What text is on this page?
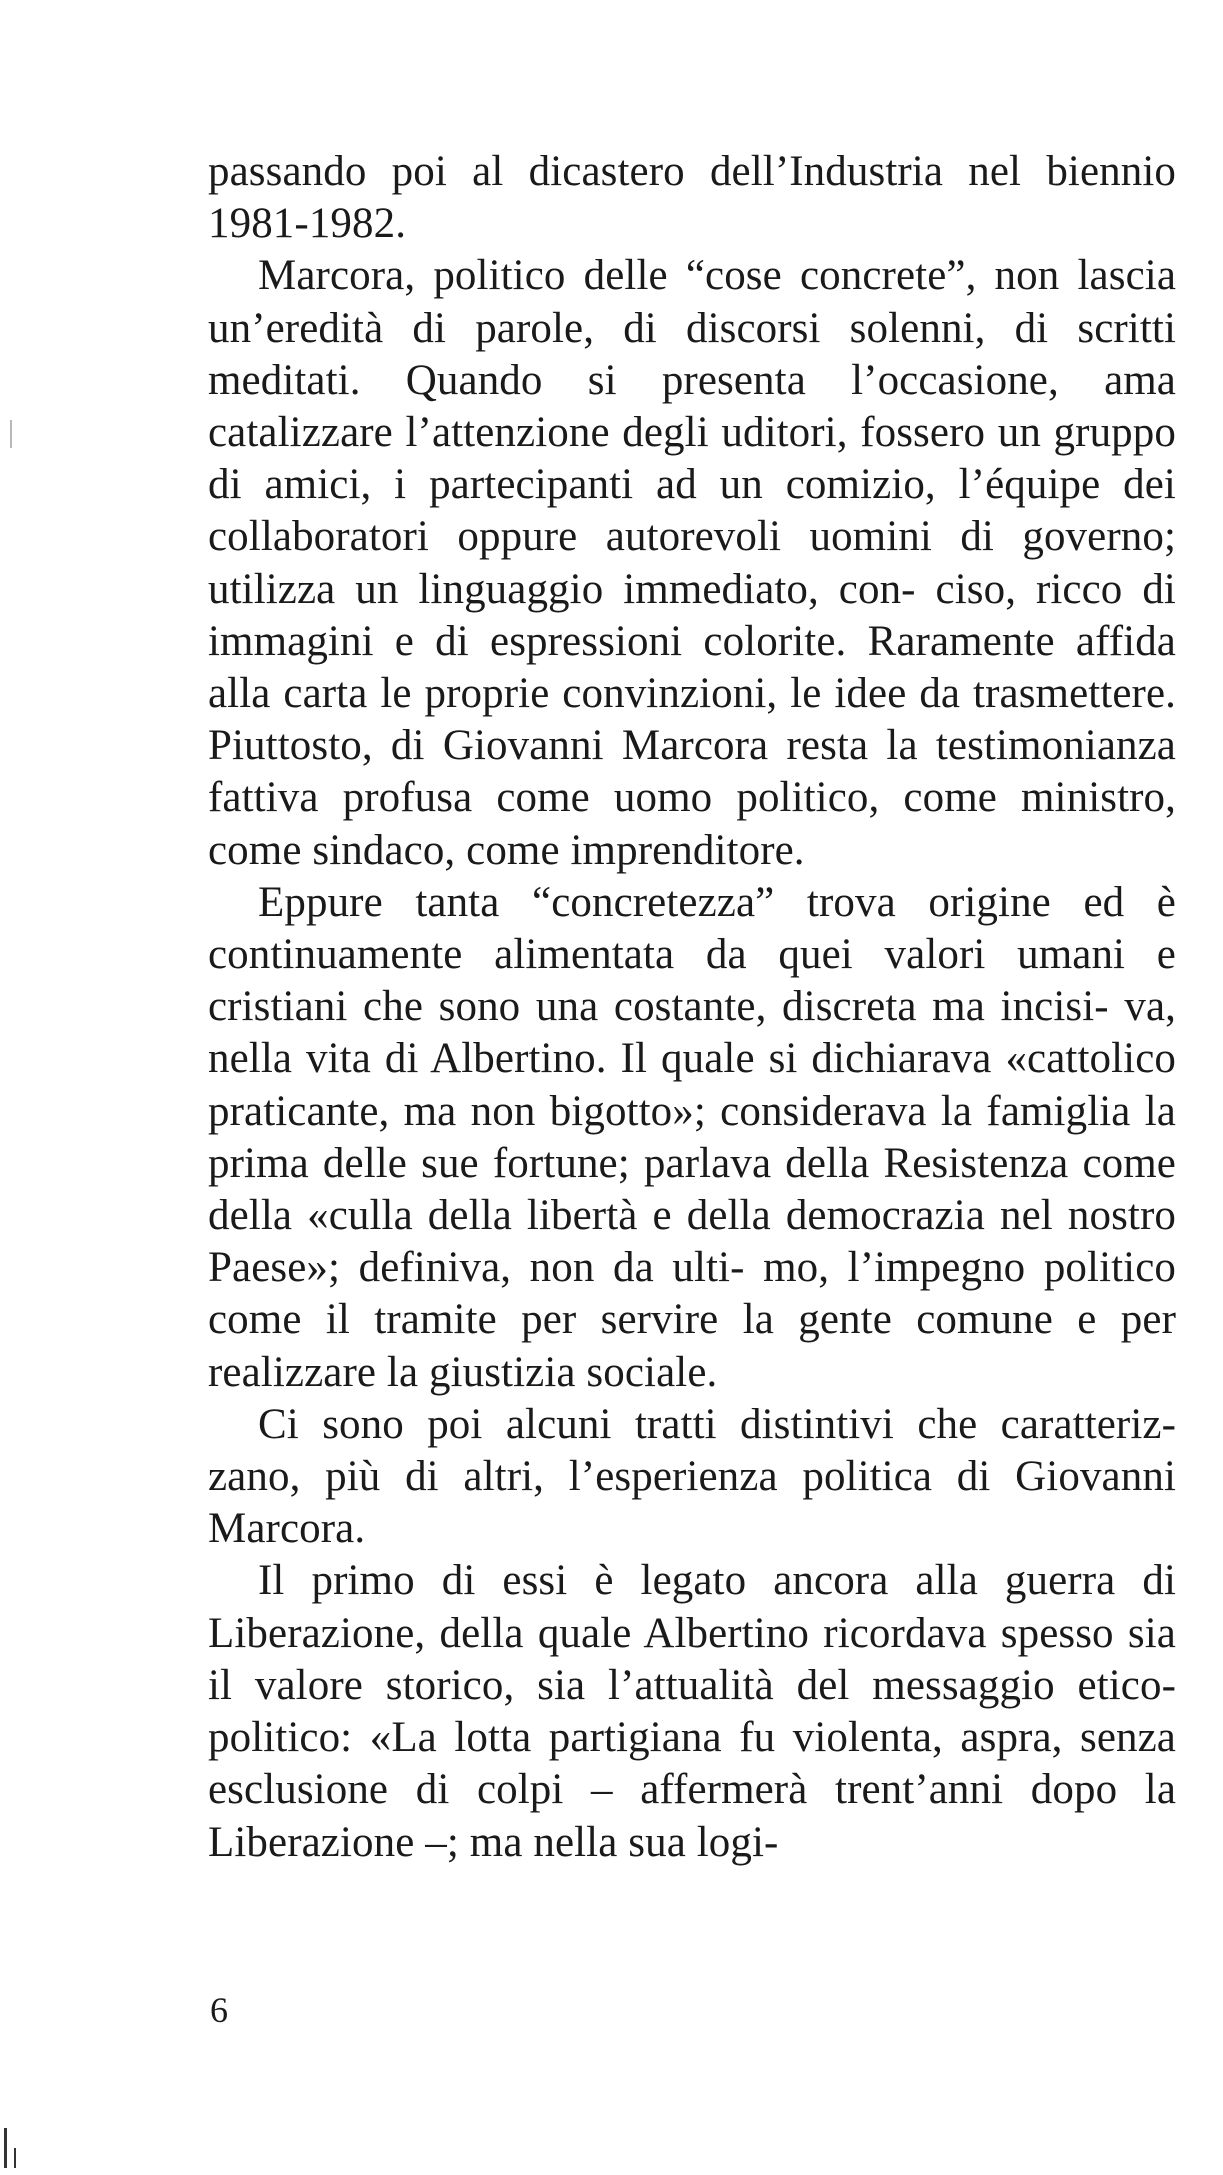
passando poi al dicastero dell’Industria nel biennio 1981-1982.

Marcora, politico delle “cose concrete”, non lascia un’eredità di parole, di discorsi solenni, di scritti meditati. Quando si presenta l’occasione, ama catalizzare l’attenzione degli uditori, fossero un gruppo di amici, i partecipanti ad un comizio, l’équipe dei collaboratori oppure autorevoli uomini di governo; utilizza un linguaggio immediato, con- ciso, ricco di immagini e di espressioni colorite. Raramente affida alla carta le proprie convinzioni, le idee da trasmettere. Piuttosto, di Giovanni Marcora resta la testimonianza fattiva profusa come uomo politico, come ministro, come sindaco, come imprenditore.

Eppure tanta “concretezza” trova origine ed è continuamente alimentata da quei valori umani e cristiani che sono una costante, discreta ma incisi- va, nella vita di Albertino. Il quale si dichiarava «cattolico praticante, ma non bigotto»; considerava la famiglia la prima delle sue fortune; parlava della Resistenza come della «culla della libertà e della democrazia nel nostro Paese»; definiva, non da ulti- mo, l’impegno politico come il tramite per servire la gente comune e per realizzare la giustizia sociale.

Ci sono poi alcuni tratti distintivi che caratteriz- zano, più di altri, l’esperienza politica di Giovanni Marcora.

Il primo di essi è legato ancora alla guerra di Liberazione, della quale Albertino ricordava spesso sia il valore storico, sia l’attualità del messaggio etico-politico: «La lotta partigiana fu violenta, aspra, senza esclusione di colpi – affermerà trent’anni dopo la Liberazione –; ma nella sua logi-

6
